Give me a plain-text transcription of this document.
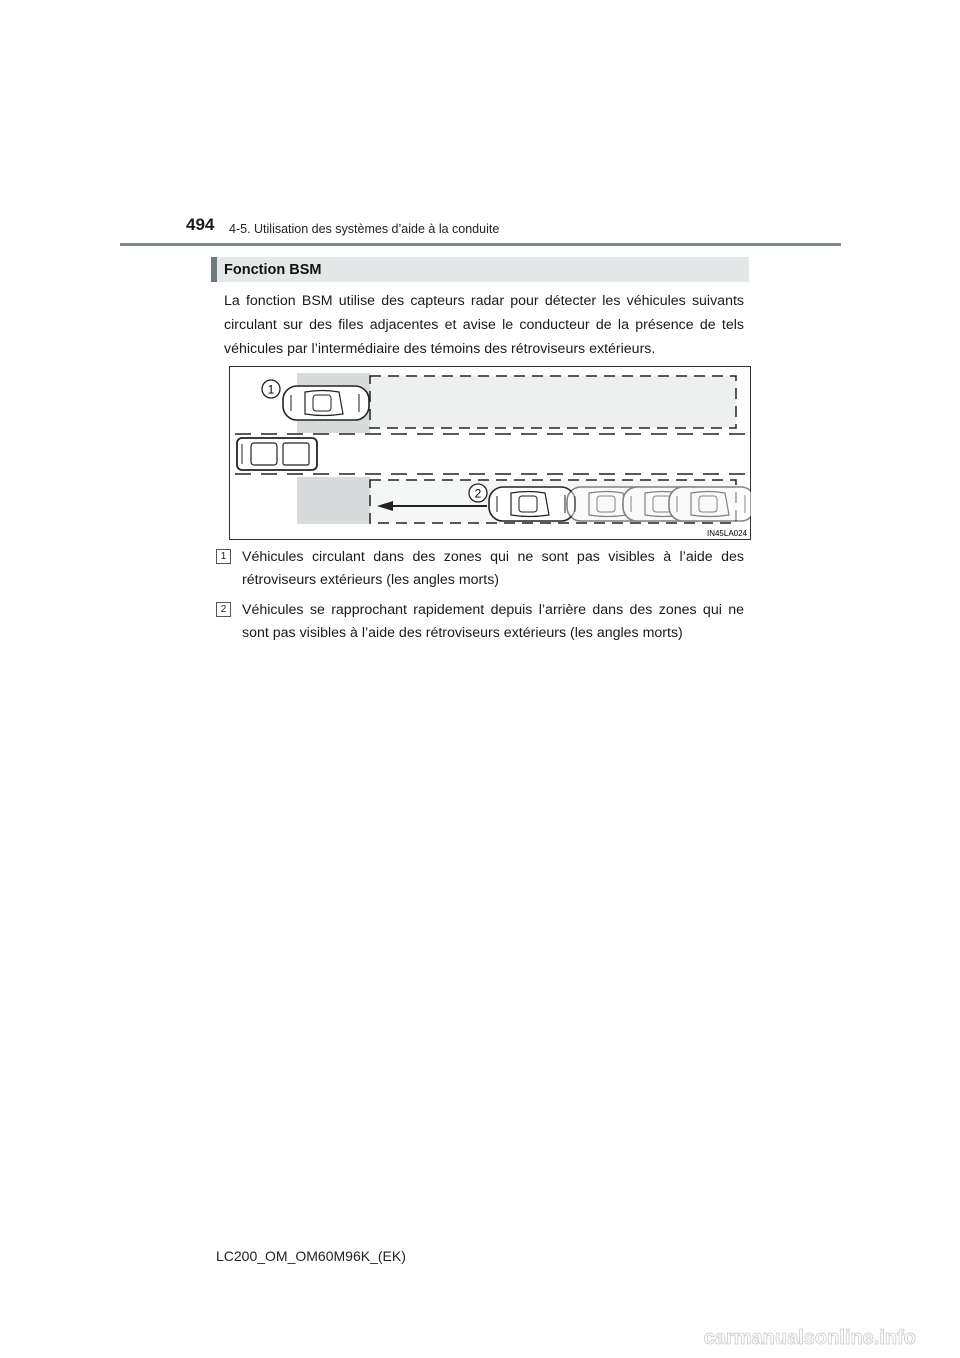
494 4-5. Utilisation des systèmes d’aide à la conduite
Fonction BSM

La fonction BSM utilise des capteurs radar pour détecter les véhicules suivants circulant sur des files adjacentes et avise le conducteur de la présence de tels véhicules par l’intermédiaire des témoins des rétroviseurs extérieurs.

1
2
IN45LA024
1	Véhicules circulant dans des zones qui ne sont pas visibles à l’aide des rétroviseurs extérieurs (les angles morts)
2	Véhicules se rapprochant rapidement depuis l’arrière dans des zones qui ne sont pas visibles à l’aide des rétroviseurs extérieurs (les angles morts)
LC200_OM_OM60M96K_(EK)
carmanualsonline.info
